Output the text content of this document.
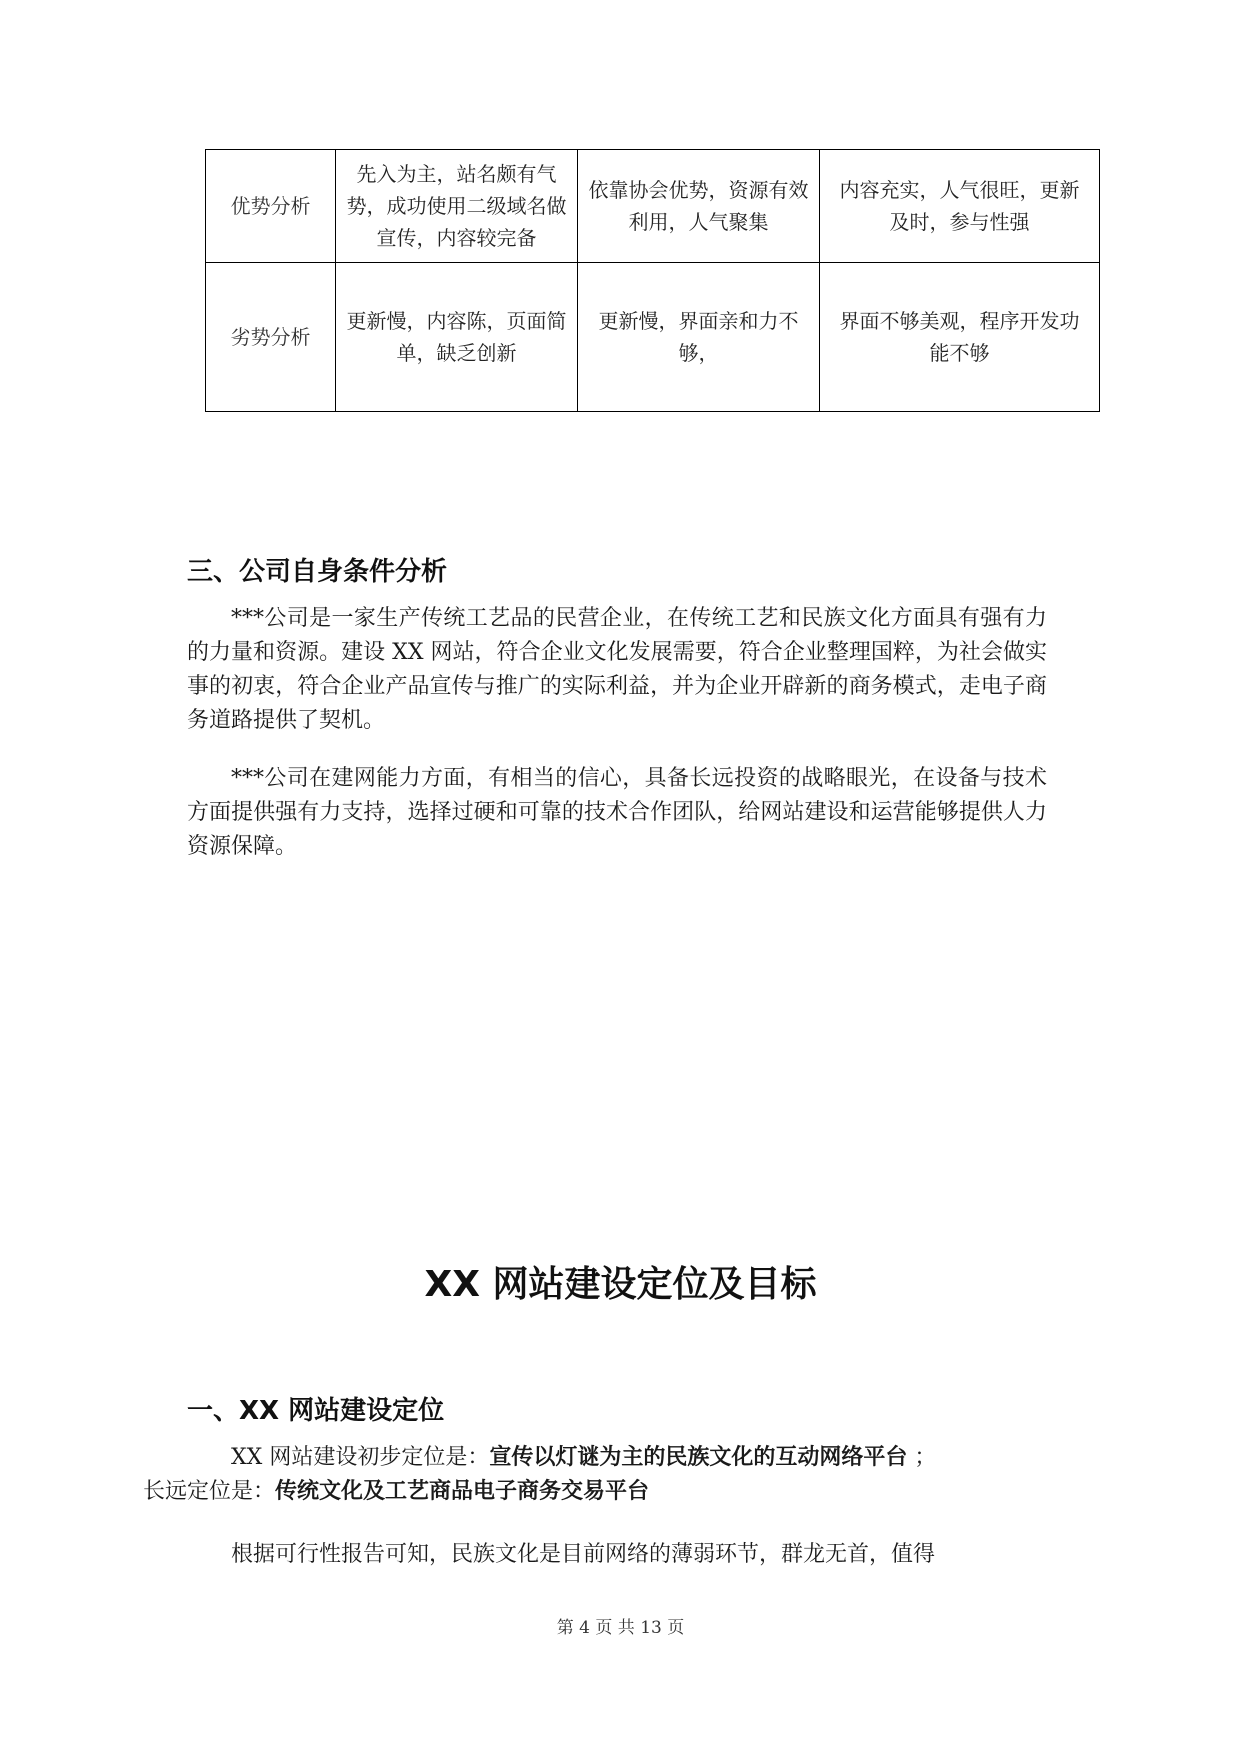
优势分析	先入为主，站名颇有气势，成功使用二级域名做宣传，内容较完备	依靠协会优势，资源有效利用，人气聚集	内容充实，人气很旺，更新及时，参与性强
劣势分析	更新慢，内容陈，页面简单，缺乏创新	更新慢，界面亲和力不够，	界面不够美观，程序开发功能不够
三、公司自身条件分析

***公司是一家生产传统工艺品的民营企业，在传统工艺和民族文化方面具有强有力的力量和资源。建设 XX 网站，符合企业文化发展需要，符合企业整理国粹，为社会做实事的初衷，符合企业产品宣传与推广的实际利益，并为企业开辟新的商务模式，走电子商务道路提供了契机。

***公司在建网能力方面，有相当的信心，具备长远投资的战略眼光，在设备与技术方面提供强有力支持，选择过硬和可靠的技术合作团队，给网站建设和运营能够提供人力资源保障。

XX 网站建设定位及目标
一、XX 网站建设定位

XX 网站建设初步定位是：宣传以灯谜为主的民族文化的互动网络平台 ；
长远定位是：传统文化及工艺商品电子商务交易平台

根据可行性报告可知，民族文化是目前网络的薄弱环节，群龙无首，值得

第 4 页 共 13 页
